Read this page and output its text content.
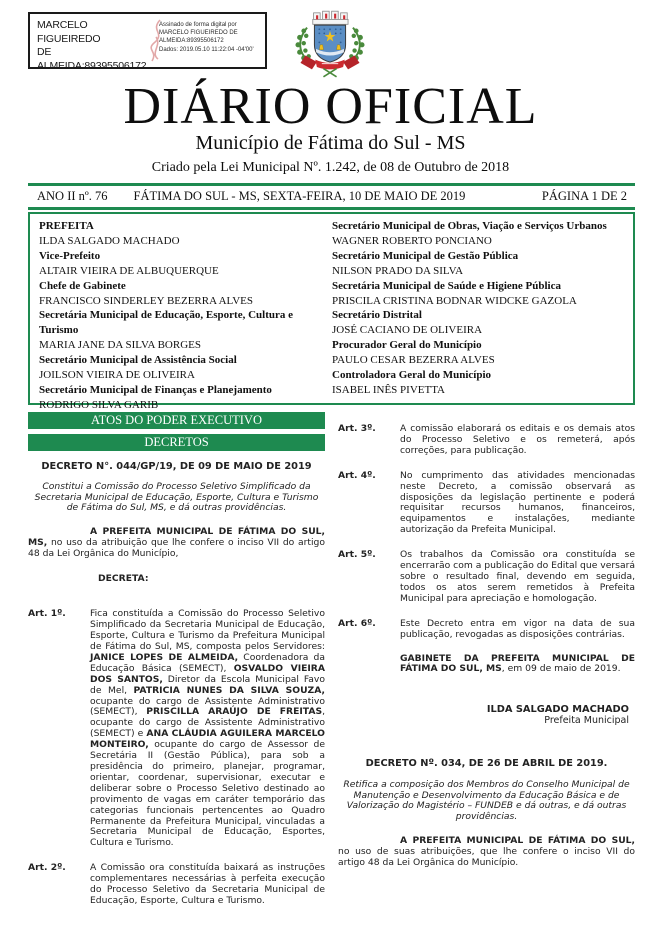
MARCELO FIGUEIREDO
DE
ALMEIDA:89395506172
Assinado de forma digital por
MARCELO FIGUEIREDO DE
ALMEIDA:89395506172
Dados: 2019.05.10 11:22:04 -04'00'
DIÁRIO OFICIAL
Município de Fátima do Sul - MS
Criado pela Lei Municipal Nº. 1.242, de 08 de Outubro de 2018
ANO II nº. 76 FÁTIMA DO SUL - MS, SEXTA-FEIRA, 10 DE MAIO DE 2019	PÁGINA 1 DE 2
PREFEITA
ILDA SALGADO MACHADO
Vice-Prefeito
ALTAIR VIEIRA DE ALBUQUERQUE
Chefe de Gabinete
FRANCISCO SINDERLEY BEZERRA ALVES
Secretária Municipal de Educação, Esporte, Cultura e Turismo
MARIA JANE DA SILVA BORGES
Secretário Municipal de Assistência Social
JOILSON VIEIRA DE OLIVEIRA
Secretário Municipal de Finanças e Planejamento
RODRIGO SILVA GARIB
Secretário Municipal de Obras, Viação e Serviços Urbanos
WAGNER ROBERTO PONCIANO
Secretário Municipal de Gestão Pública
NILSON PRADO DA SILVA
Secretária Municipal de Saúde e Higiene Pública
PRISCILA CRISTINA BODNAR WIDCKE GAZOLA
Secretário Distrital
JOSÉ CACIANO DE OLIVEIRA
Procurador Geral do Município
PAULO CESAR BEZERRA ALVES
Controladora Geral do Município
ISABEL INÊS PIVETTA
ATOS DO PODER EXECUTIVO
DECRETOS
DECRETO N°. 044/GP/19, DE 09 DE MAIO DE 2019
Constitui a Comissão do Processo Seletivo Simplificado da Secretaria Municipal de Educação, Esporte, Cultura e Turismo de Fátima do Sul, MS, e dá outras providências.
A PREFEITA MUNICIPAL DE FÁTIMA DO SUL, MS, no uso da atribuição que lhe confere o inciso VII do artigo 48 da Lei Orgânica do Município,
DECRETA:
Art. 1º.	Fica constituída a Comissão do Processo Seletivo Simplificado da Secretaria Municipal de Educação, Esporte, Cultura e Turismo da Prefeitura Municipal de Fátima do Sul, MS, composta pelos Servidores: JANICE LOPES DE ALMEIDA, Coordenadora da Educação Básica (SEMECT), OSVALDO VIEIRA DOS SANTOS, Diretor da Escola Municipal Favo de Mel, PATRICIA NUNES DA SILVA SOUZA, ocupante do cargo de Assistente Administrativo (SEMECT), PRISCILLA ARAÚJO DE FREITAS, ocupante do cargo de Assistente Administrativo (SEMECT) e ANA CLÁUDIA AGUILERA MARCELO MONTEIRO, ocupante do cargo de Assessor de Secretária II (Gestão Pública), para sob a presidência do primeiro, planejar, programar, orientar, coordenar, supervisionar, executar e deliberar sobre o Processo Seletivo destinado ao provimento de vagas em caráter temporário das categorias funcionais pertencentes ao Quadro Permanente da Prefeitura Municipal, vinculadas a Secretaria Municipal de Educação, Esportes, Cultura e Turismo.
Art. 2º.	A Comissão ora constituída baixará as instruções complementares necessárias à perfeita execução do Processo Seletivo da Secretaria Municipal de Educação, Esporte, Cultura e Turismo.
Art. 3º.	A comissão elaborará os editais e os demais atos do Processo Seletivo e os remeterá, após correções, para publicação.
Art. 4º.	No cumprimento das atividades mencionadas neste Decreto, a comissão observará as disposições da legislação pertinente e poderá requisitar recursos humanos, financeiros, equipamentos e instalações, mediante autorização da Prefeita Municipal.
Art. 5º.	Os trabalhos da Comissão ora constituída se encerrarão com a publicação do Edital que versará sobre o resultado final, devendo em seguida, todos os atos serem remetidos à Prefeita Municipal para apreciação e homologação.
Art. 6º.	Este Decreto entra em vigor na data de sua publicação, revogadas as disposições contrárias.
GABINETE DA PREFEITA MUNICIPAL DE FÁTIMA DO SUL, MS, em 09 de maio de 2019.
ILDA SALGADO MACHADO
Prefeita Municipal
DECRETO Nº. 034, DE 26 DE ABRIL DE 2019.
Retifica a composição dos Membros do Conselho Municipal de Manutenção e Desenvolvimento da Educação Básica e de Valorização do Magistério – FUNDEB e dá outras, e dá outras providências.
A PREFEITA MUNICIPAL DE FÁTIMA DO SUL, no uso de suas atribuições, que lhe confere o inciso VII do artigo 48 da Lei Orgânica do Município.
